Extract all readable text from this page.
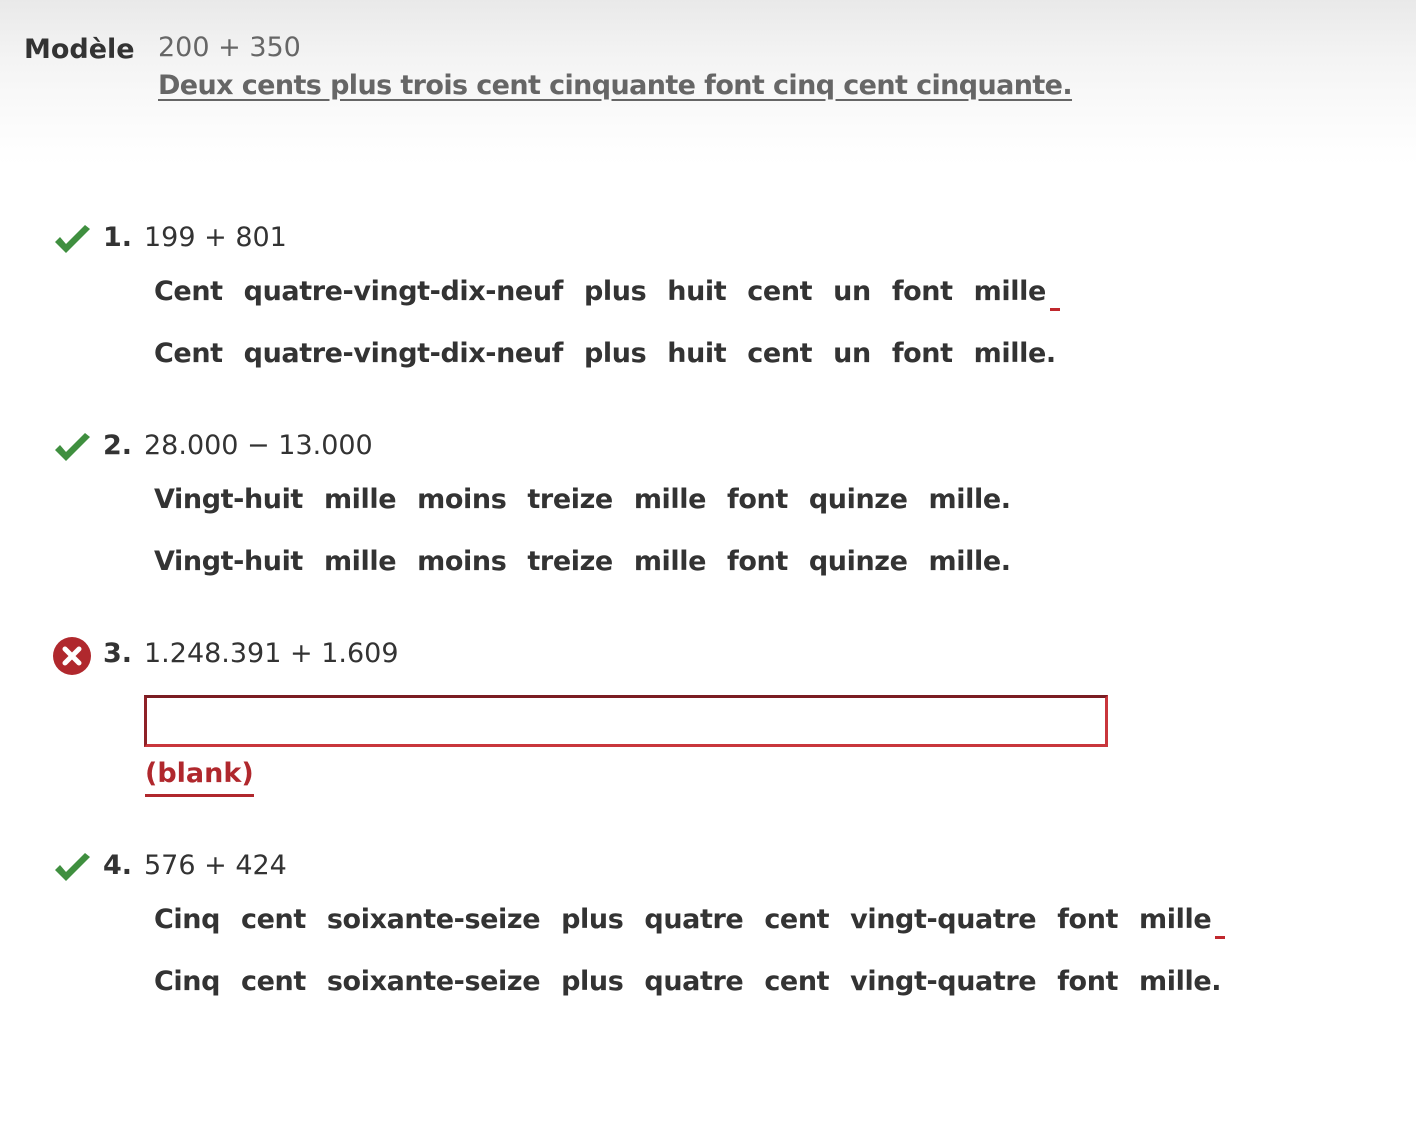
Modèle 200 + 350
Deux cents plus trois cent cinquante font cinq cent cinquante.
1. 199 + 801
Cent quatre-vingt-dix-neuf plus huit cent un font mille
Cent quatre-vingt-dix-neuf plus huit cent un font mille.
2. 28.000 − 13.000
Vingt-huit mille moins treize mille font quinze mille.
Vingt-huit mille moins treize mille font quinze mille.
3. 1.248.391 + 1.609
(blank)
4. 576 + 424
Cinq cent soixante-seize plus quatre cent vingt-quatre font mille
Cinq cent soixante-seize plus quatre cent vingt-quatre font mille.
